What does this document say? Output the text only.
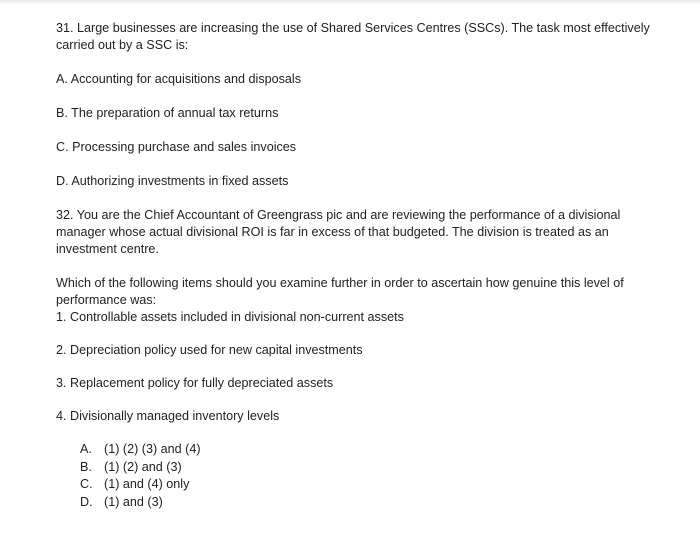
31. Large businesses are increasing the use of Shared Services Centres (SSCs). The task most effectively carried out by a SSC is:

A. Accounting for acquisitions and disposals

B. The preparation of annual tax returns

C. Processing purchase and sales invoices

D. Authorizing investments in fixed assets

32. You are the Chief Accountant of Greengrass pic and are reviewing the performance of a divisional manager whose actual divisional ROI is far in excess of that budgeted. The division is treated as an investment centre.

Which of the following items should you examine further in order to ascertain how genuine this level of performance was:

1. Controllable assets included in divisional non-current assets

2. Depreciation policy used for new capital investments

3. Replacement policy for fully depreciated assets

4. Divisionally managed inventory levels

A. (1) (2) (3) and (4)
B. (1) (2) and (3)
C. (1) and (4) only
D. (1) and (3)
